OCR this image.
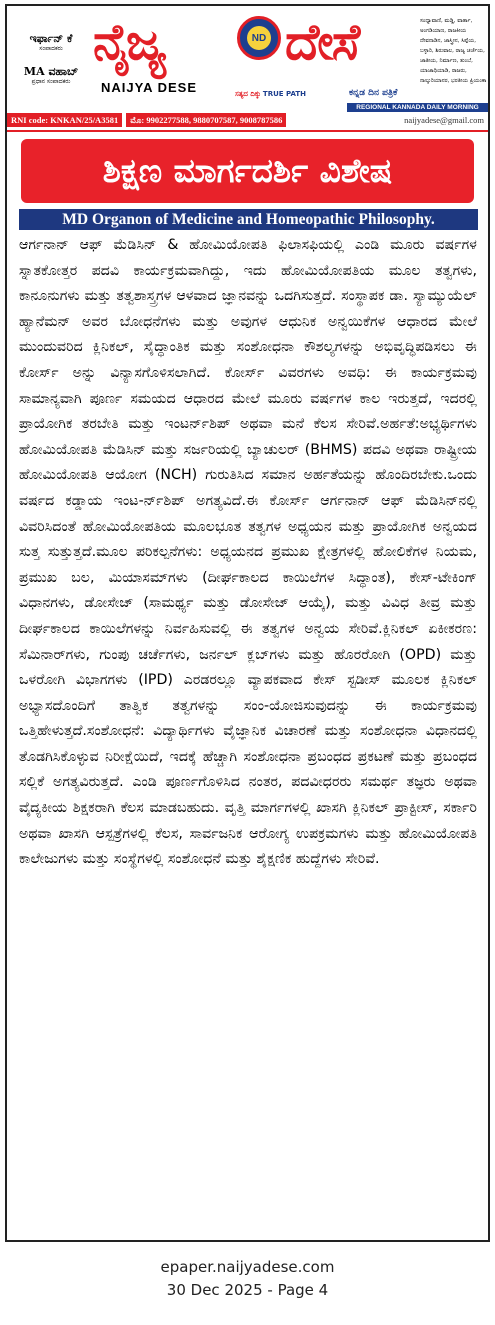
ಇರ್ಫಾನ್ ಕೆ
ಸಂಪಾದಕರು
MA ವಹಾಬ್
ಪ್ರಧಾನ ಸಂಪಾದಕರು
ನೈಜ್ಯ	ND ದೇಸೆ
NAIJYA DESE	ಸತ್ಯದ ದಿಕ್ಕು TRUE PATH	ಕನ್ನಡ ದಿನ ಪತ್ರಿಕೆ
ಸಂಧ್ಯಾವಾಣಿ, ಮಡ್ಡಿ, ವಾರ್ತಾ, ಅಂಗಡಿಯಾಣ, ರಾಜಕೀಯ ದೇವನಾಡಿನ, ಜಾಸ್ತ್ರೀನ, ಸಿಪ್ಪೆಯ, ಬಳ್ಳಾರಿ, ಶಿರುವಾಲ, ರಾಜ್ಯ ಚರ್ಚೆಯ, ಜಾತೀಯ, ನಿರ್ಮಾಣ, ತುಂಬೆ, ಯಾಜಾಧಿಯಾಡಿ, ರಾಜರು, ನಾಲ್ಕುರಿಯಾನರ, ಭರತೀಯ ಪ್ರಿಯಂಕಾ
REGIONAL KANNADA DAILY MORNING
RNI code: KNKAN/25/A3581	ಮೊ: 9902277588, 9880707587, 9008787586	naijyadese@gmail.com
ಶಿಕ್ಷಣ ಮಾರ್ಗದರ್ಶಿ ವಿಶೇಷ
MD Organon of Medicine and Homeopathic Philosophy.
ಆರ್ಗನಾನ್ ಆಫ್ ಮೆಡಿಸಿನ್ & ಹೋಮಿಯೋಪತಿ ಫಿಲಾಸಫಿಯಲ್ಲಿ ಎಂಡಿ ಮೂರು ವರ್ಷಗಳ ಸ್ನಾತಕೋತ್ತರ ಪದವಿ ಕಾರ್ಯಕ್ರಮವಾಗಿದ್ದು, ಇದು ಹೋಮಿಯೋಪತಿಯ ಮೂಲ ತತ್ವಗಳು, ಕಾನೂನುಗಳು ಮತ್ತು ತತ್ವಶಾಸ್ತ್ರಗಳ ಆಳವಾದ ಜ್ಞಾನವನ್ನು ಒದಗಿಸುತ್ತದೆ. ಸಂಸ್ಥಾಪಕ ಡಾ. ಸ್ಯಾಮ್ಯುಯೆಲ್ ಹ್ಯಾನೆಮನ್ ಅವರ ಬೋಧನೆಗಳು ಮತ್ತು ಅವುಗಳ ಆಧುನಿಕ ಅನ್ವಯಿಕೆಗಳ ಆಧಾರದ ಮೇಲೆ ಮುಂದುವರಿದ ಕ್ಲಿನಿಕಲ್, ಸೈದ್ಧಾಂತಿಕ ಮತ್ತು ಸಂಶೋಧನಾ ಕೌಶಲ್ಯಗಳನ್ನು ಅಭಿವೃದ್ಧಿಪಡಿಸಲು ಈ ಕೋರ್ಸ್ ಅನ್ನು ವಿನ್ಯಾಸಗೊಳಿಸಲಾಗಿದೆ. ಕೋರ್ಸ್ ವಿವರಗಳು ಅವಧಿ: ಈ ಕಾರ್ಯಕ್ರಮವು ಸಾಮಾನ್ಯವಾಗಿ ಪೂರ್ಣ ಸಮಯದ ಆಧಾರದ ಮೇಲೆ ಮೂರು ವರ್ಷಗಳ ಕಾಲ ಇರುತ್ತದೆ, ಇದರಲ್ಲಿ ಪ್ರಾಯೋಗಿಕ ತರಬೇತಿ ಮತ್ತು ಇಂಟರ್ನ್‌ಶಿಪ್ ಅಥವಾ ಮನೆ ಕೆಲಸ ಸೇರಿವೆ.ಅರ್ಹತೆ:ಅಭ್ಯರ್ಥಿಗಳು ಹೋಮಿಯೋಪತಿ ಮೆಡಿಸಿನ್ ಮತ್ತು ಸರ್ಜರಿಯಲ್ಲಿ ಬ್ಯಾಚುಲರ್ (BHMS) ಪದವಿ ಅಥವಾ ರಾಷ್ಟ್ರೀಯ ಹೋಮಿಯೋಪತಿ ಆಯೋಗ (NCH) ಗುರುತಿಸಿದ ಸಮಾನ ಅರ್ಹತೆಯನ್ನು ಹೊಂದಿರಬೇಕು.ಒಂದು ವರ್ಷದ ಕಡ್ಡಾಯ ಇಂಟ-ರ್ನ್‌ಶಿಪ್ ಅಗತ್ಯವಿದೆ.ಈ ಕೋರ್ಸ್ ಆರ್ಗನಾನ್ ಆಫ್ ಮೆಡಿಸಿನ್‌ನಲ್ಲಿ ವಿವರಿಸಿದಂತೆ ಹೋಮಿಯೋಪತಿಯ ಮೂಲಭೂತ ತತ್ವಗಳ ಅಧ್ಯಯನ ಮತ್ತು ಪ್ರಾಯೋಗಿಕ ಅನ್ವಯದ ಸುತ್ತ ಸುತ್ತುತ್ತದೆ.ಮೂಲ ಪರಿಕಲ್ಪನೆಗಳು: ಅಧ್ಯಯನದ ಪ್ರಮುಖ ಕ್ಷೇತ್ರಗಳಲ್ಲಿ ಹೋಲಿಕೆಗಳ ನಿಯಮ, ಪ್ರಮುಖ ಬಲ, ಮಿಯಾಸಮ್‌ಗಳು (ದೀರ್ಘಕಾಲದ ಕಾಯಿಲೆಗಳ ಸಿದ್ಧಾಂತ), ಕೇಸ್-ಟೇಕಿಂಗ್ ವಿಧಾನಗಳು, ಡೋಸೇಜ್ (ಸಾಮರ್ಥ್ಯ ಮತ್ತು ಡೋಸೇಜ್ ಆಯ್ಕೆ), ಮತ್ತು ವಿವಿಧ ತೀವ್ರ ಮತ್ತು ದೀರ್ಘಕಾಲದ ಕಾಯಿಲೆಗಳನ್ನು ನಿರ್ವಹಿಸುವಲ್ಲಿ ಈ ತತ್ವಗಳ ಅನ್ವಯ ಸೇರಿವೆ.ಕ್ಲಿನಿಕಲ್ ಏಕೀಕರಣ: ಸೆಮಿನಾರ್‌ಗಳು, ಗುಂಪು ಚರ್ಚೆಗಳು, ಜರ್ನಲ್ ಕ್ಲಬ್‌ಗಳು ಮತ್ತು ಹೊರರೋಗಿ (OPD) ಮತ್ತು ಒಳರೋಗಿ ವಿಭಾಗಗಳು (IPD) ಎರಡರಲ್ಲೂ ವ್ಯಾಪಕವಾದ ಕೇಸ್ ಸ್ಟಡೀಸ್ ಮೂಲಕ ಕ್ಲಿನಿಕಲ್ ಅಭ್ಯಾಸದೊಂದಿಗೆ ತಾತ್ವಿಕ ತತ್ವಗಳನ್ನು ಸಂಂ-ಯೋಜಿಸುವುದನ್ನು ಈ ಕಾರ್ಯಕ್ರಮವು ಒತ್ತಿಹೇಳುತ್ತದೆ.ಸಂಶೋಧನೆ: ವಿದ್ಯಾರ್ಥಿಗಳು ವೈಜ್ಞಾನಿಕ ವಿಚಾರಣೆ ಮತ್ತು ಸಂಶೋಧನಾ ವಿಧಾನದಲ್ಲಿ ತೊಡಗಿಸಿಕೊಳ್ಳುವ ನಿರೀಕ್ಷೆಯಿದೆ, ಇದಕ್ಕೆ ಹೆಚ್ಚಾಗಿ ಸಂಶೋಧನಾ ಪ್ರಬಂಧದ ಪ್ರಕಟಣೆ ಮತ್ತು ಪ್ರಬಂಧದ ಸಲ್ಲಿಕೆ ಅಗತ್ಯವಿರುತ್ತದೆ. ಎಂಡಿ ಪೂರ್ಣಗೊಳಿಸಿದ ನಂತರ, ಪದವೀಧರರು ಸಮರ್ಥ ತಜ್ಞರು ಅಥವಾ ವೈದ್ಯಕೀಯ ಶಿಕ್ಷಕರಾಗಿ ಕೆಲಸ ಮಾಡಬಹುದು. ವೃತ್ತಿ ಮಾರ್ಗಗಳಲ್ಲಿ ಖಾಸಗಿ ಕ್ಲಿನಿಕಲ್ ಪ್ರಾಕ್ಟೀಸ್, ಸರ್ಕಾರಿ ಅಥವಾ ಖಾಸಗಿ ಆಸ್ಪತ್ರೆಗಳಲ್ಲಿ ಕೆಲಸ, ಸಾರ್ವಜನಿಕ ಆರೋಗ್ಯ ಉಪಕ್ರಮಗಳು ಮತ್ತು ಹೋಮಿಯೋಪತಿ ಕಾಲೇಜುಗಳು ಮತ್ತು ಸಂಸ್ಥೆಗಳಲ್ಲಿ ಸಂಶೋಧನೆ ಮತ್ತು ಶೈಕ್ಷಣಿಕ ಹುದ್ದೆಗಳು ಸೇರಿವೆ.
epaper.naijyadese.com
30 Dec 2025 - Page 4
